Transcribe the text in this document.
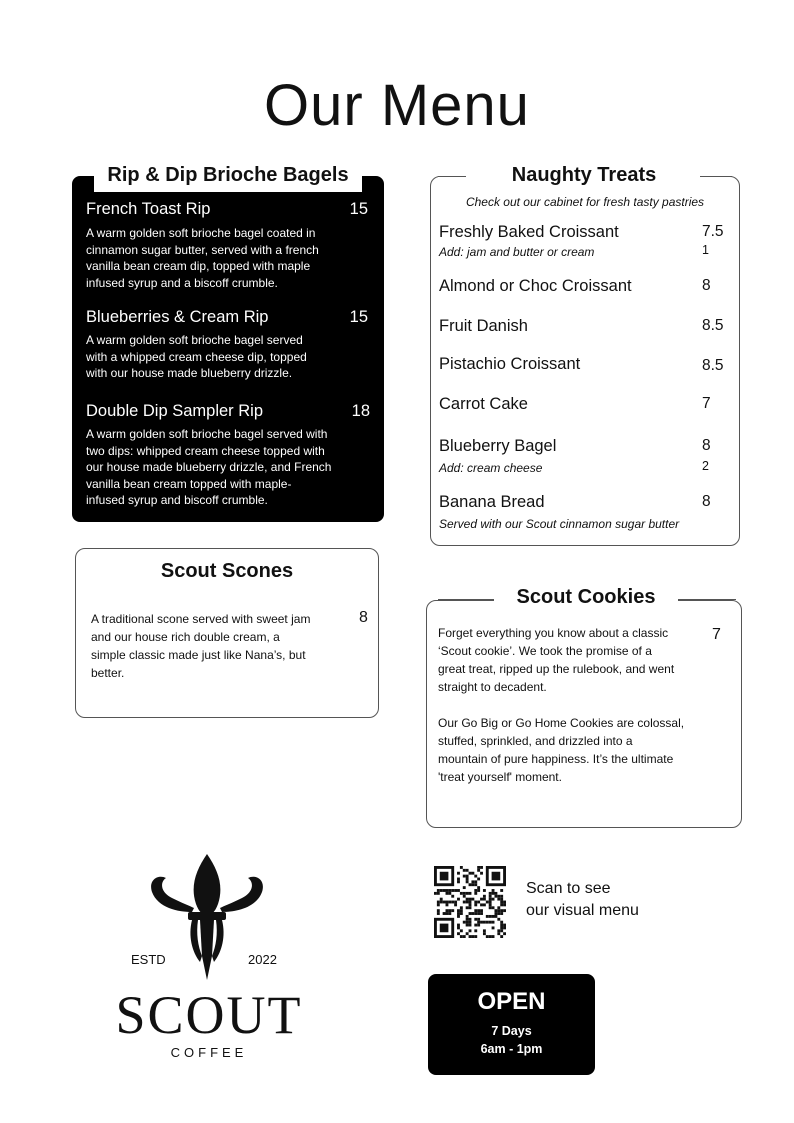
Our Menu
Rip & Dip Brioche Bagels
French Toast Rip	15
A warm golden soft brioche bagel coated in
cinnamon sugar butter, served with a french
vanilla bean cream dip, topped with maple
infused syrup and a biscoff crumble.
Blueberries & Cream Rip	15
A warm golden soft brioche bagel served
with a whipped cream cheese dip, topped
with our house made blueberry drizzle.
Double Dip Sampler Rip	18
A warm golden soft brioche bagel served with
two dips: whipped cream cheese topped with
our house made blueberry drizzle, and French
vanilla bean cream topped with maple-
infused syrup and biscoff crumble.
Naughty Treats
Check out our cabinet for fresh tasty pastries
Freshly Baked Croissant	7.5
Add: jam and butter or cream	1
Almond or Choc Croissant	8
Fruit Danish	8.5
Pistachio Croissant	8.5
Carrot Cake	7
Blueberry Bagel	8
Add: cream cheese	2
Banana Bread	8
Served with our Scout cinnamon sugar butter
Scout Scones
A traditional scone served with sweet jam
and our house rich double cream, a
simple classic made just like Nana’s, but
better.
8
Scout Cookies
Forget everything you know about a classic
‘Scout cookie’. We took the promise of a
great treat, ripped up the rulebook, and went
straight to decadent.
Our Go Big or Go Home Cookies are colossal,
stuffed, sprinkled, and drizzled into a
mountain of pure happiness. It’s the ultimate
'treat yourself' moment.
7
ESTD	2022
SCOUT
COFFEE
Scan to see
our visual menu
OPEN
7 Days
6am - 1pm
